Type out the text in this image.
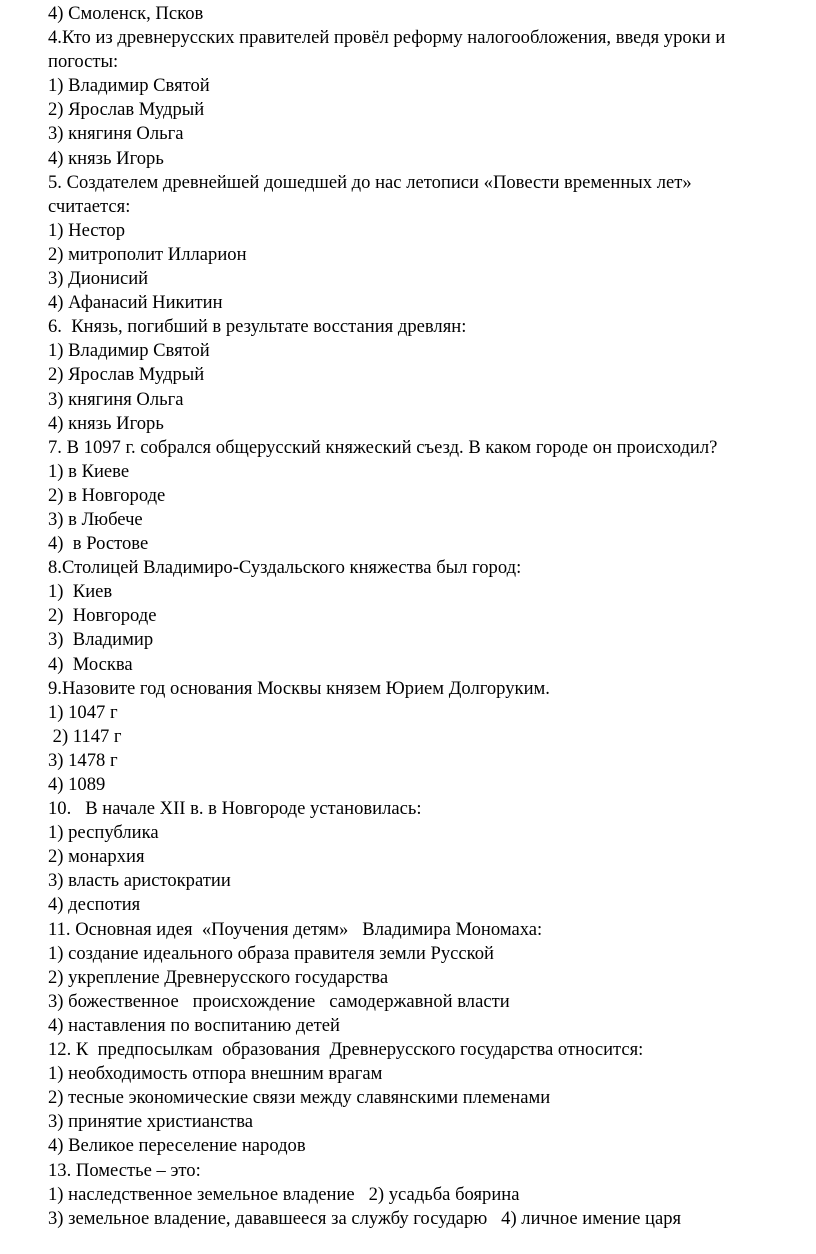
4) Смоленск, Псков
4.Кто из древнерусских правителей провёл реформу налогообложения, введя уроки и
погосты:
1) Владимир Святой
2) Ярослав Мудрый
3) княгиня Ольга
4) князь Игорь
5. Создателем древнейшей дошедшей до нас летописи «Повести временных лет»
считается:
1) Нестор
2) митрополит Илларион
3) Дионисий
4) Афанасий Никитин
6.  Князь, погибший в результате восстания древлян:
1) Владимир Святой
2) Ярослав Мудрый
3) княгиня Ольга
4) князь Игорь
7. В 1097 г. собрался общерусский княжеский съезд. В каком городе он происходил?
1) в Киеве
2) в Новгороде
3) в Любече
4)  в Ростове
8.Столицей Владимиро-Суздальского княжества был город:
1)  Киев
2)  Новгороде
3)  Владимир
4)  Москва
9.Назовите год основания Москвы князем Юрием Долгоруким.
1) 1047 г
2) 1147 г
3) 1478 г
4) 1089
10.   В начале XII в. в Новгороде установилась:
1) республика
2) монархия
3) власть аристократии
4) деспотия
11. Основная идея  «Поучения детям»   Владимира Мономаха:
1) создание идеального образа правителя земли Русской
2) укрепление Древнерусского государства
3) божественное   происхождение   самодержавной власти
4) наставления по воспитанию детей
12. К  предпосылкам  образования  Древнерусского государства относится:
1) необходимость отпора внешним врагам
2) тесные экономические связи между славянскими племенами
3) принятие христианства
4) Великое переселение народов
13. Поместье – это:
1) наследственное земельное владение   2) усадьба боярина
3) земельное владение, дававшееся за службу государю   4) личное имение царя
